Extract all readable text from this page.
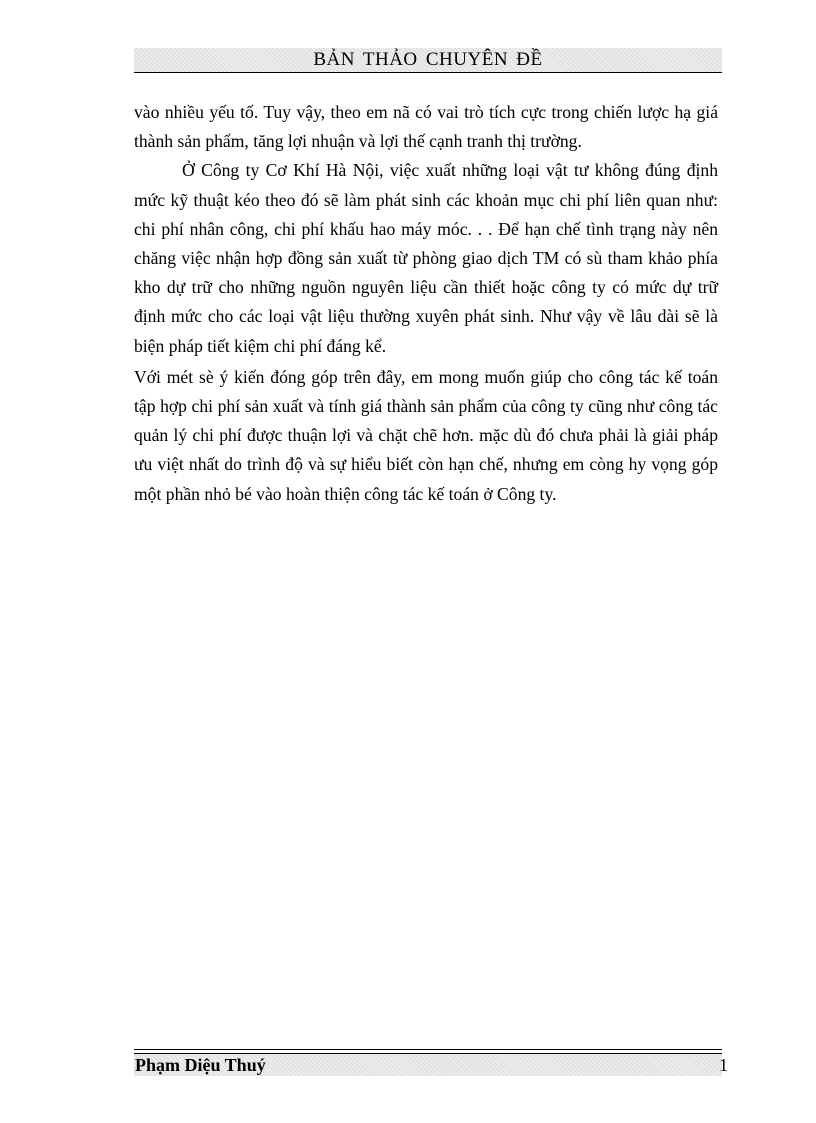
BẢN THẢO CHUYÊN ĐỀ

vào nhiều yếu tố. Tuy vậy, theo em nã có vai trò tích cực trong chiến lược hạ giá thành sản phẩm, tăng lợi nhuận và lợi thế cạnh tranh thị trường.

Ở Công ty Cơ Khí Hà Nội, việc xuất những loại vật tư không đúng định mức kỹ thuật kéo theo đó sẽ làm phát sinh các khoản mục chi phí liên quan như: chi phí nhân công, chi phí khấu hao máy móc. . . Để hạn chế tình trạng này nên chăng việc nhận hợp đồng sản xuất từ phòng giao dịch TM có sù tham khảo phía kho dự trữ cho những nguồn nguyên liệu cần thiết hoặc công ty có mức dự trữ định mức cho các loại vật liệu thường xuyên phát sinh. Như vậy về lâu dài sẽ là biện pháp tiết kiệm chi phí đáng kể.

Với mét sè ý kiến đóng góp trên đây, em mong muốn giúp cho công tác kế toán tập hợp chi phí sản xuất và tính giá thành sản phẩm của công ty cũng như công tác quản lý chi phí được thuận lợi và chặt chẽ hơn. mặc dù đó chưa phải là giải pháp ưu việt nhất do trình độ và sự hiểu biết còn hạn chế, nhưng em còng hy vọng góp một phần nhỏ bé vào hoàn thiện công tác kế toán ở Công ty.

Phạm Diệu Thuý	1
